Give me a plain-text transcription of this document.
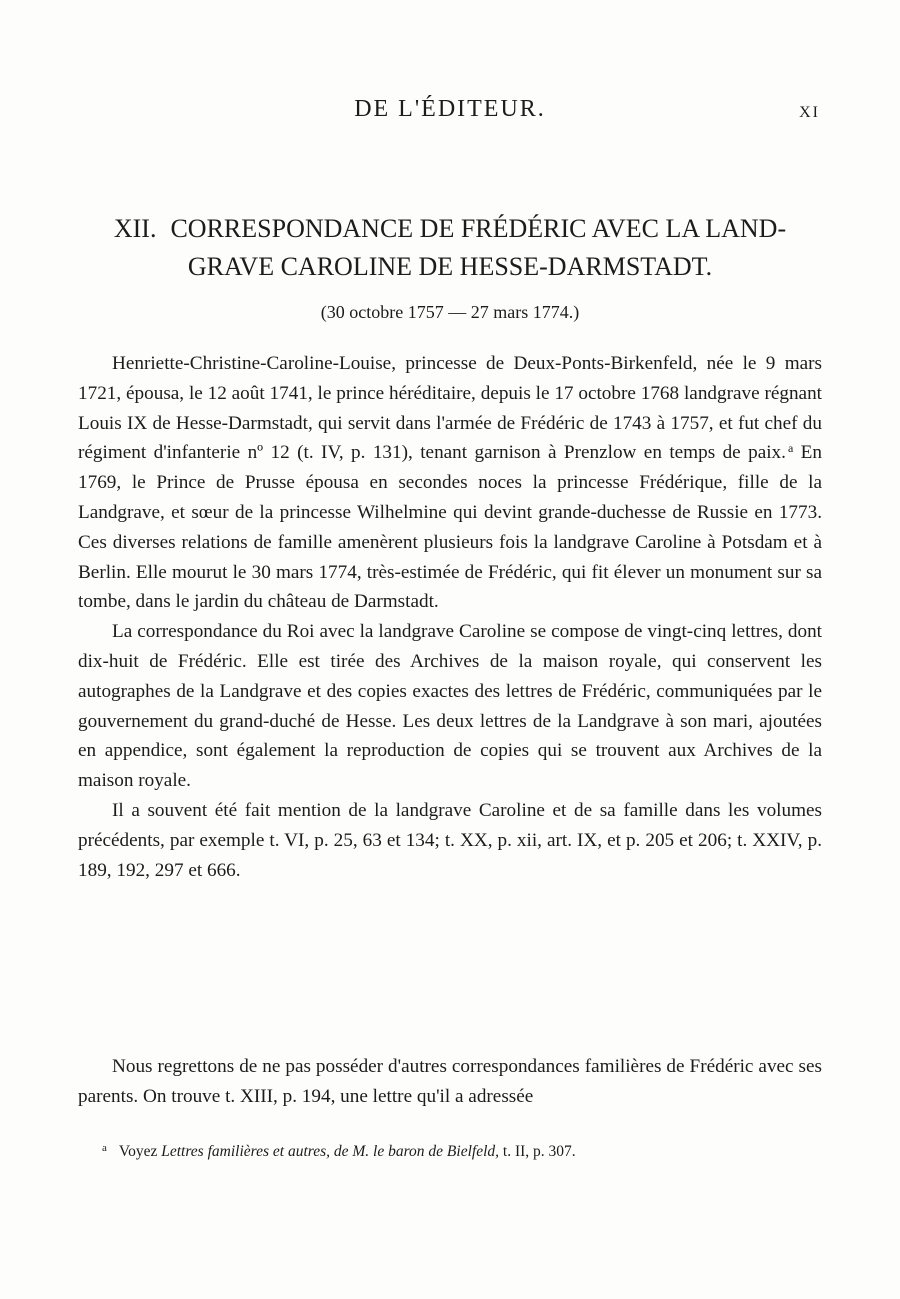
DE L'ÉDITEUR.	XI
XII. CORRESPONDANCE DE FRÉDÉRIC AVEC LA LAND-
GRAVE CAROLINE DE HESSE-DARMSTADT.
(30 octobre 1757 — 27 mars 1774.)

Henriette-Christine-Caroline-Louise, princesse de Deux-Ponts-Birkenfeld, née le 9 mars 1721, épousa, le 12 août 1741, le prince héréditaire, depuis le 17 octobre 1768 landgrave régnant Louis IX de Hesse-Darmstadt, qui servit dans l'armée de Frédéric de 1743 à 1757, et fut chef du régiment d'infanterie nº 12 (t. IV, p. 131), tenant garnison à Prenzlow en temps de paix. $^a$ En 1769, le Prince de Prusse épousa en secondes noces la princesse Frédérique, fille de la Landgrave, et sœur de la princesse Wilhelmine qui devint grande-duchesse de Russie en 1773. Ces diverses relations de famille amenèrent plusieurs fois la landgrave Caroline à Potsdam et à Berlin. Elle mourut le 30 mars 1774, très-estimée de Frédéric, qui fit élever un monument sur sa tombe, dans le jardin du château de Darmstadt.

La correspondance du Roi avec la landgrave Caroline se compose de vingt-cinq lettres, dont dix-huit de Frédéric. Elle est tirée des Archives de la maison royale, qui conservent les autographes de la Landgrave et des copies exactes des lettres de Frédéric, communiquées par le gouvernement du grand-duché de Hesse. Les deux lettres de la Landgrave à son mari, ajoutées en appendice, sont également la reproduction de copies qui se trouvent aux Archives de la maison royale.

Il a souvent été fait mention de la landgrave Caroline et de sa famille dans les volumes précédents, par exemple t. VI, p. 25, 63 et 134; t. XX, p. xii, art. IX, et p. 205 et 206; t. XXIV, p. 189, 192, 297 et 666.

Nous regrettons de ne pas posséder d'autres correspondances familières de Frédéric avec ses parents. On trouve t. XIII, p. 194, une lettre qu'il a adressée

$^a$ Voyez Lettres familières et autres, de M. le baron de Bielfeld, t. II, p. 307.
